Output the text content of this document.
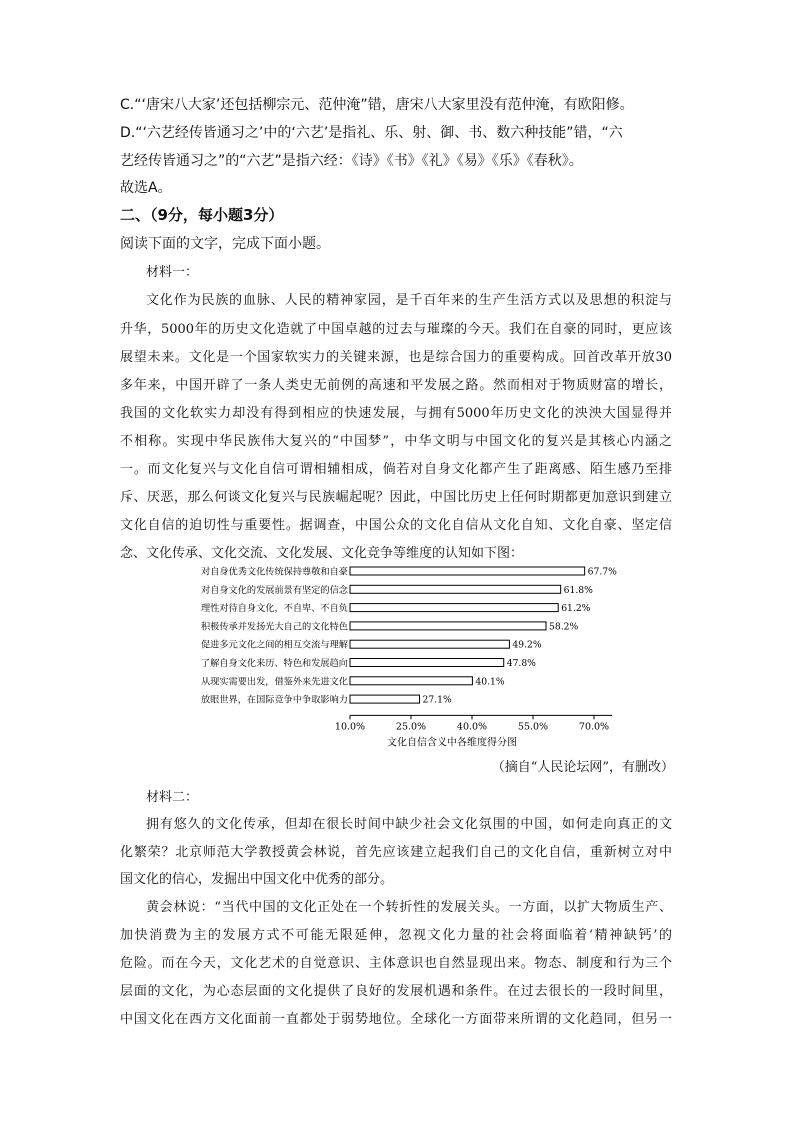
C.“‘唐宋八大家’还包括柳宗元、范仲淹”错，唐宋八大家里没有范仲淹，有欧阳修。
D.“‘六艺经传皆通习之’中的‘六艺’是指礼、乐、射、御、书、数六种技能”错，“六
艺经传皆通习之”的“六艺”是指六经：《诗》《书》《礼》《易》《乐》《春秋》。
故选A。
二、（9分，每小题3分）
阅读下面的文字，完成下面小题。
材料一：
文化作为民族的血脉、人民的精神家园，是千百年来的生产生活方式以及思想的积淀与
升华，5000年的历史文化造就了中国卓越的过去与璀璨的今天。我们在自豪的同时，更应该
展望未来。文化是一个国家软实力的关键来源，也是综合国力的重要构成。回首改革开放30
多年来，中国开辟了一条人类史无前例的高速和平发展之路。然而相对于物质财富的增长，
我国的文化软实力却没有得到相应的快速发展，与拥有5000年历史文化的泱泱大国显得并
不相称。实现中华民族伟大复兴的“中国梦”，中华文明与中国文化的复兴是其核心内涵之
一。而文化复兴与文化自信可谓相辅相成，倘若对自身文化都产生了距离感、陌生感乃至排
斥、厌恶，那么何谈文化复兴与民族崛起呢？因此，中国比历史上任何时期都更加意识到建立
文化自信的迫切性与重要性。据调查，中国公众的文化自信从文化自知、文化自豪、坚定信
念、文化传承、文化交流、文化发展、文化竞争等维度的认知如下图：
对自身优秀文化传统保持尊敬和自豪
对自身文化的发展前景有坚定的信念
理性对待自身文化，不自卑、不自负
积极传承并发扬光大自己的文化特色
促进多元文化之间的相互交流与理解
了解自身文化来历、特色和发展趋向
从现实需要出发，借鉴外来先进文化
放眼世界，在国际竞争中争取影响力
67.7%
61.8%
61.2%
58.2%
49.2%
47.8%
40.1%
27.1%
10.0%	25.0%	40.0%	55.0%	70.0%
文化自信含义中各维度得分图
（摘自“人民论坛网”，有删改）
材料二：
拥有悠久的文化传承，但却在很长时间中缺少社会文化氛围的中国，如何走向真正的文
化繁荣？北京师范大学教授黄会林说，首先应该建立起我们自己的文化自信，重新树立对中
国文化的信心，发掘出中国文化中优秀的部分。
黄会林说：“当代中国的文化正处在一个转折性的发展关头。一方面，以扩大物质生产、
加快消费为主的发展方式不可能无限延伸，忽视文化力量的社会将面临着‘精神缺钙’的
危险。而在今天，文化艺术的自觉意识、主体意识也自然显现出来。物态、制度和行为三个
层面的文化，为心态层面的文化提供了良好的发展机遇和条件。在过去很长的一段时间里，
中国文化在西方文化面前一直都处于弱势地位。全球化一方面带来所谓的文化趋同，但另一
